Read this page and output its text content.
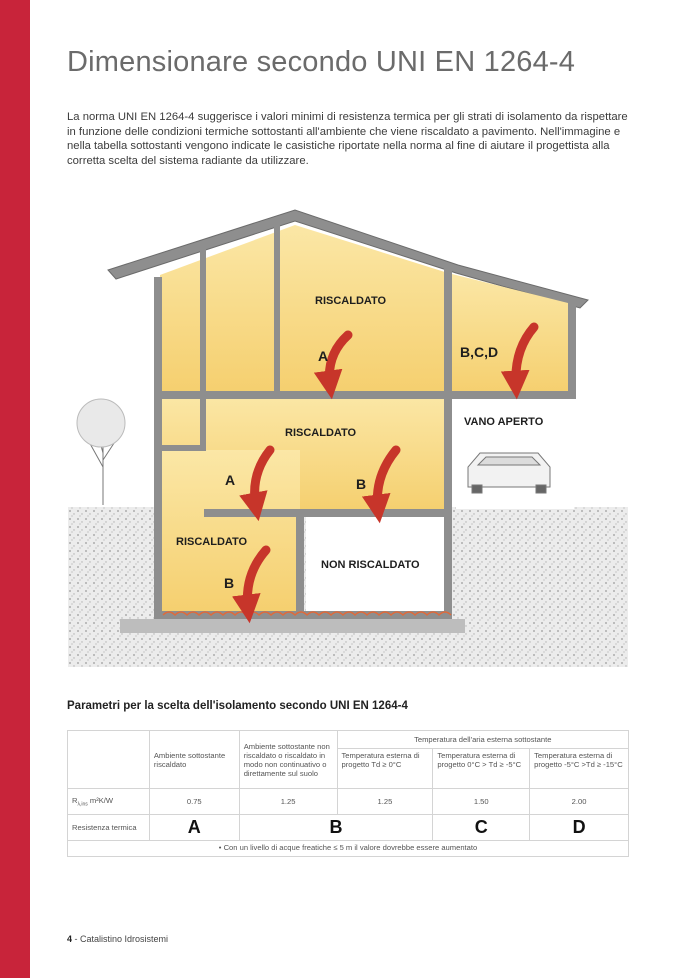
Dimensionare secondo UNI EN 1264-4

La norma UNI EN 1264-4 suggerisce i valori minimi di resistenza termica per gli strati di isolamento da rispettare in funzione delle condizioni termiche sottostanti all'ambiente che viene riscaldato a pavimento. Nell'immagine e nella tabella sottostanti vengono indicate le casistiche riportate nella norma al fine di aiutare il progettista alla corretta scelta del sistema radiante da utilizzare.

RISCALDATO
RISCALDATO
RISCALDATO
NON RISCALDATO
VANO APERTO
A	B,C,D
A	B
B
Parametri per la scelta dell'isolamento secondo UNI EN 1264-4
	Ambiente sottostante riscaldato	Ambiente sottostante non riscaldato o riscaldato in modo non continuativo o direttamente sul suolo	Temperatura dell'aria esterna sottostante		
			Temperatura esterna di progetto Td ≥ 0°C	Temperatura esterna di progetto 0°C > Td ≥ -5°C	Temperatura esterna di progetto -5°C >Td ≥ -15°C
$R_{\lambda,ins}$ m²K/W	0.75	1.25	1.25	1.50	2.00
Resistenza termica	A	B		C	D
• Con un livello di acque freatiche ≤ 5 m il valore dovrebbe essere aumentato					

4 - Catalistino Idrosistemi
